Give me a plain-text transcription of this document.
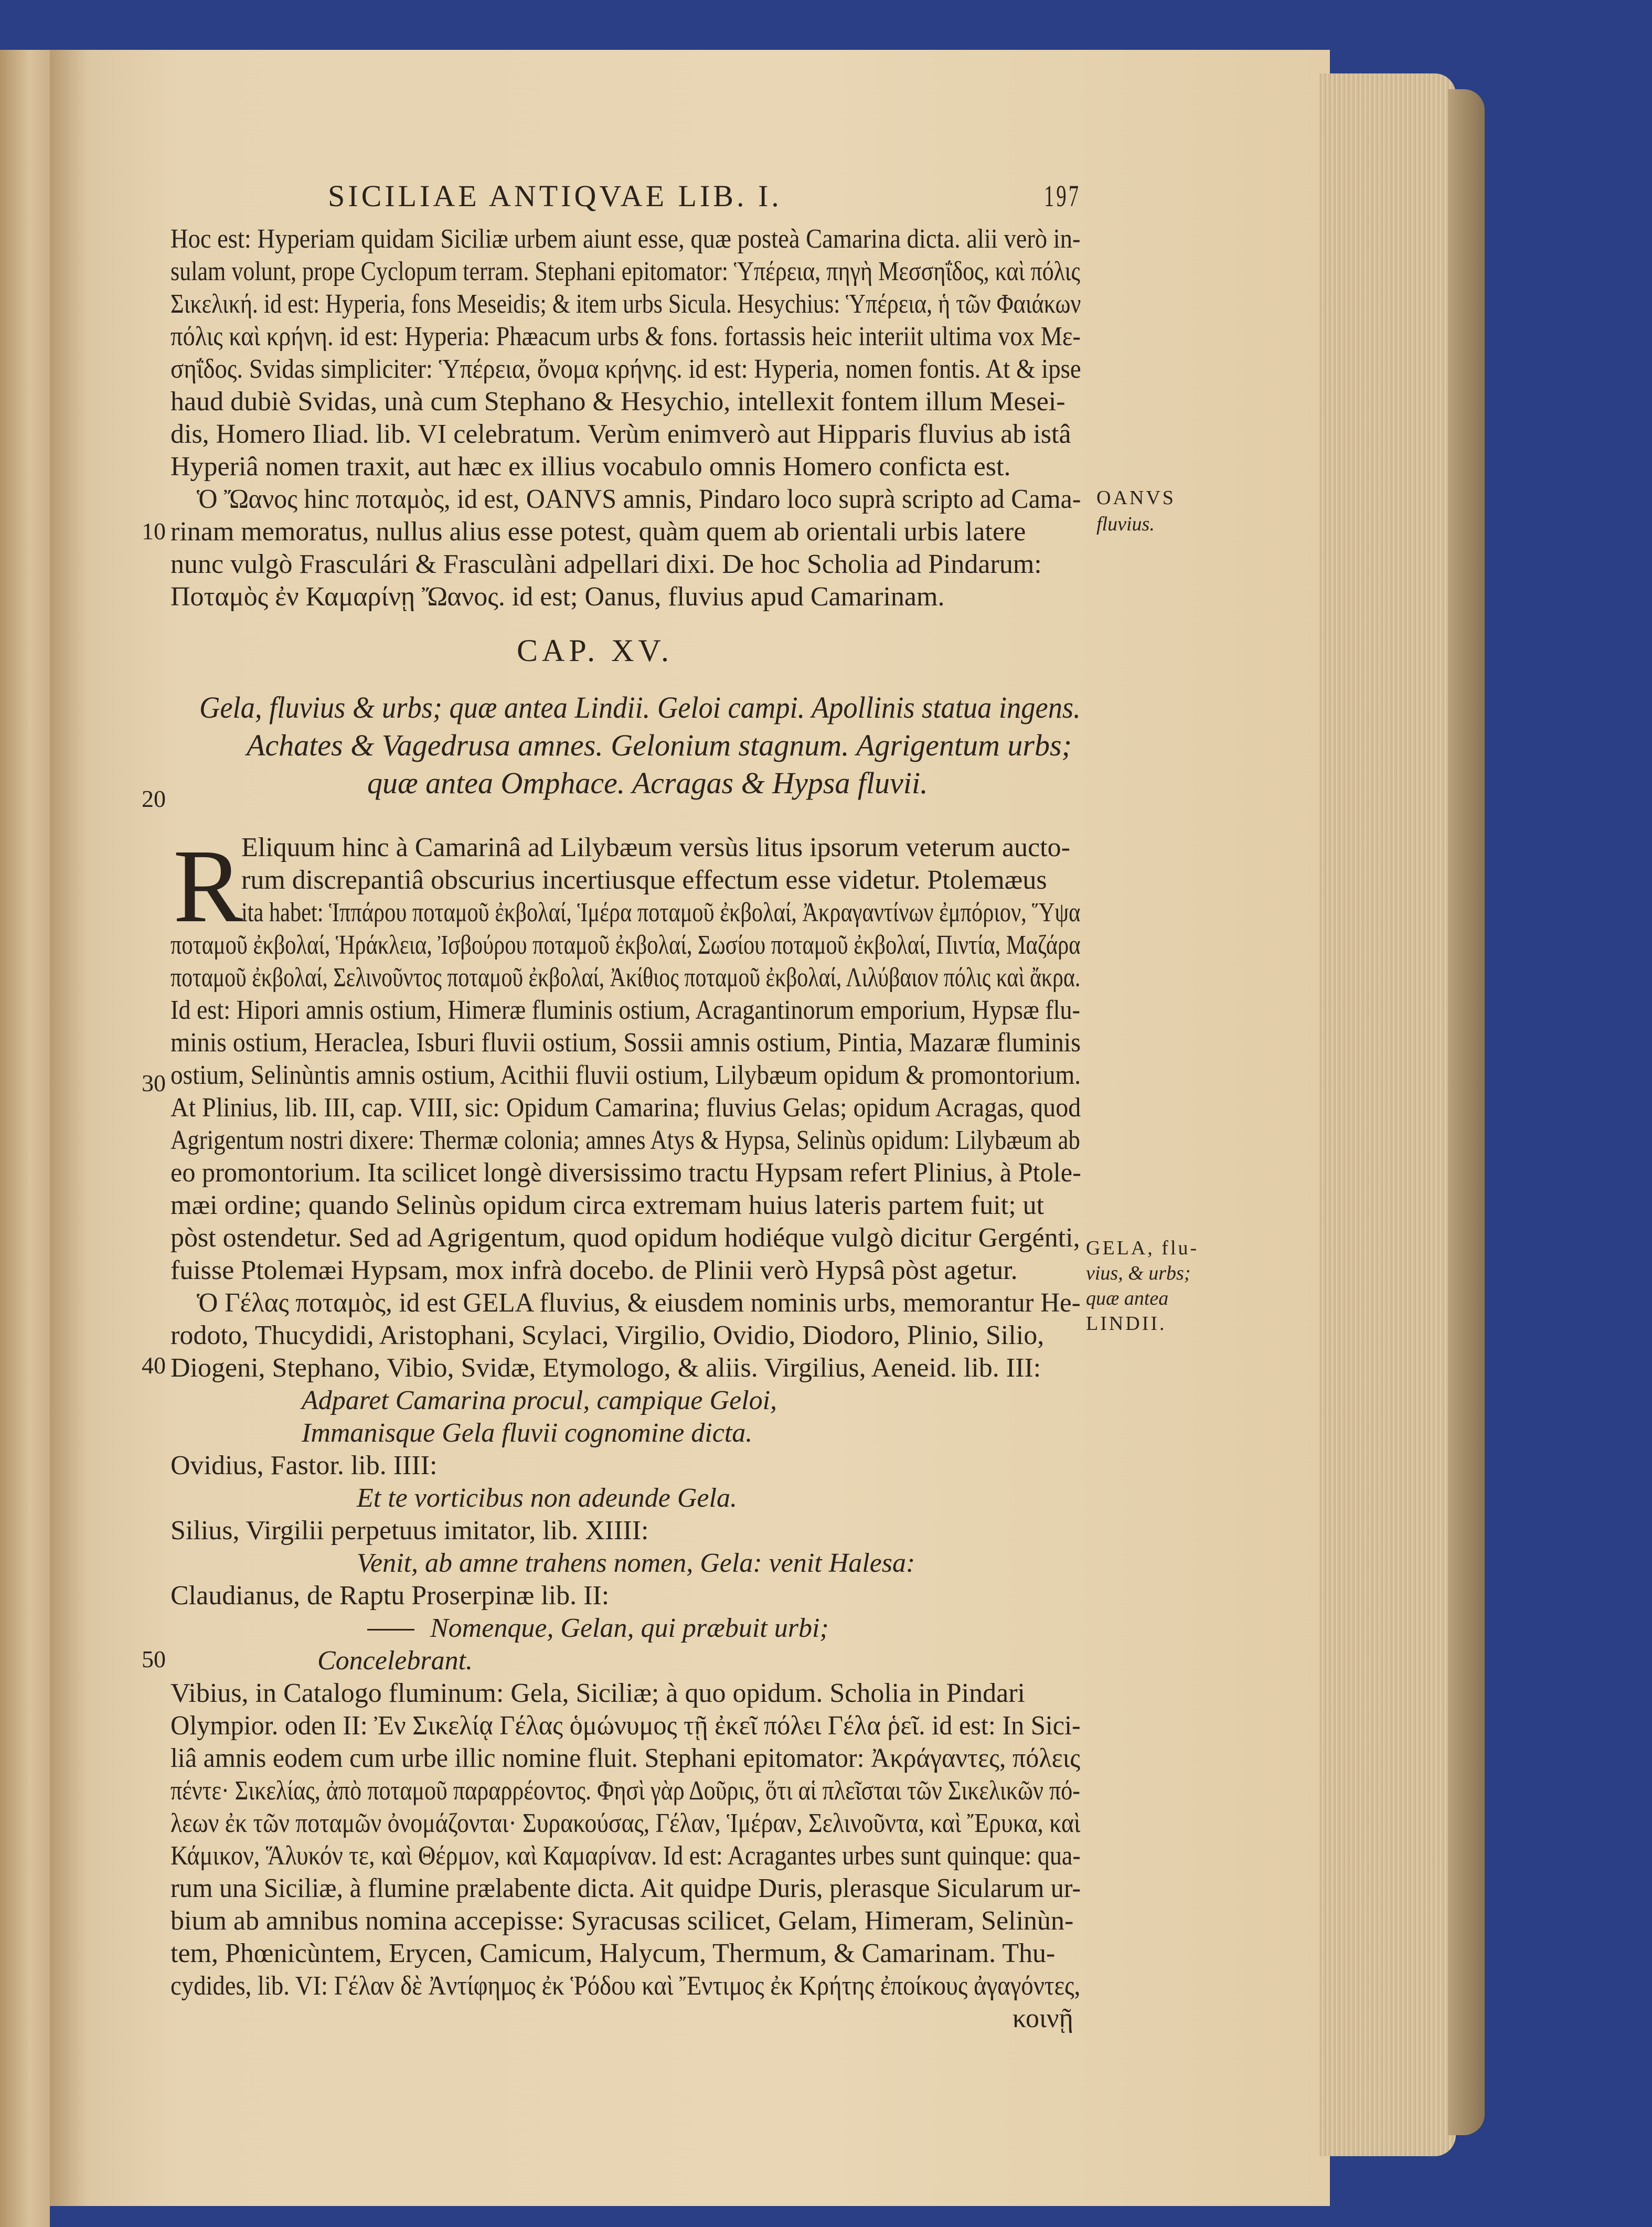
SICILIAE ANTIQVAE LIB. I.	197
Hoc est: Hyperiam quidam Siciliæ urbem aiunt esse, quæ posteà Camarina dicta. alii verò in-
sulam volunt, prope Cyclopum terram. Stephani epitomator: Ὑπέρεια, πηγὴ Μεσσηΐδος, καὶ πόλις
Σικελική. id est: Hyperia, fons Meseidis; & item urbs Sicula. Hesychius: Ὑπέρεια, ἡ τῶν Φαιάκων
πόλις καὶ κρήνη. id est: Hyperia: Phæacum urbs & fons. fortassis heic interiit ultima vox Με-
σηΐδος. Svidas simpliciter: Ὑπέρεια, ὄνομα κρήνης. id est: Hyperia, nomen fontis. At & ipse
haud dubiè Svidas, unà cum Stephano & Hesychio, intellexit fontem illum Mesei-
dis, Homero Iliad. lib. VI celebratum. Verùm enimverò aut Hipparis fluvius ab istâ
Hyperiâ nomen traxit, aut hæc ex illius vocabulo omnis Homero conficta est.
Ὁ Ὤανος hinc ποταμὸς, id est, OANVS amnis, Pindaro loco suprà scripto ad Cama-
rinam memoratus, nullus alius esse potest, quàm quem ab orientali urbis latere
nunc vulgò Frasculári & Frasculàni adpellari dixi. De hoc Scholia ad Pindarum:
Ποταμὸς ἐν Καμαρίνῃ Ὤανος. id est; Oanus, fluvius apud Camarinam.
OANVS
fluvius.
10
CAP. XV.
Gela, fluvius & urbs; quæ antea Lindii. Geloi campi. Apollinis statua ingens.
Achates & Vagedrusa amnes. Gelonium stagnum. Agrigentum urbs;
quæ antea Omphace. Acragas & Hypsa fluvii.
20
R
Eliquum hinc à Camarinâ ad Lilybæum versùs litus ipsorum veterum aucto-
rum discrepantiâ obscurius incertiusque effectum esse videtur. Ptolemæus
ita habet: Ἱππάρου ποταμοῦ ἐκβολαί, Ἱμέρα ποταμοῦ ἐκβολαί, Ἀκραγαντίνων ἐμπόριον, Ὕψα
ποταμοῦ ἐκβολαί, Ἡράκλεια, Ἰσβούρου ποταμοῦ ἐκβολαί, Σωσίου ποταμοῦ ἐκβολαί, Πιντία, Μαζάρα
ποταμοῦ ἐκβολαί, Σελινοῦντος ποταμοῦ ἐκβολαί, Ἀκίθιος ποταμοῦ ἐκβολαί, Λιλύβαιον πόλις καὶ ἄκρα.
Id est: Hipori amnis ostium, Himeræ fluminis ostium, Acragantinorum emporium, Hypsæ flu-
minis ostium, Heraclea, Isburi fluvii ostium, Sossii amnis ostium, Pintia, Mazaræ fluminis
ostium, Selinùntis amnis ostium, Acithii fluvii ostium, Lilybæum opidum & promontorium.
At Plinius, lib. III, cap. VIII, sic: Opidum Camarina; fluvius Gelas; opidum Acragas, quod
Agrigentum nostri dixere: Thermæ colonia; amnes Atys & Hypsa, Selinùs opidum: Lilybæum ab
eo promontorium. Ita scilicet longè diversissimo tractu Hypsam refert Plinius, à Ptole-
mæi ordine; quando Selinùs opidum circa extremam huius lateris partem fuit; ut
pòst ostendetur. Sed ad Agrigentum, quod opidum hodiéque vulgò dicitur Gergénti,
fuisse Ptolemæi Hypsam, mox infrà docebo. de Plinii verò Hypsâ pòst agetur.
Ὁ Γέλας ποταμὸς, id est GELA fluvius, & eiusdem nominis urbs, memorantur He-
rodoto, Thucydidi, Aristophani, Scylaci, Virgilio, Ovidio, Diodoro, Plinio, Silio,
Diogeni, Stephano, Vibio, Svidæ, Etymologo, & aliis. Virgilius, Aeneid. lib. III:
Adparet Camarina procul, campique Geloi,
Immanisque Gela fluvii cognomine dicta.
Ovidius, Fastor. lib. IIII:
Et te vorticibus non adeunde Gela.
Silius, Virgilii perpetuus imitator, lib. XIIII:
Venit, ab amne trahens nomen, Gela: venit Halesa:
Claudianus, de Raptu Proserpinæ lib. II:
Nomenque, Gelan, qui præbuit urbi;
Concelebrant.
Vibius, in Catalogo fluminum: Gela, Siciliæ; à quo opidum. Scholia in Pindari
Olympior. oden II: Ἐν Σικελίᾳ Γέλας ὁμώνυμος τῇ ἐκεῖ πόλει Γέλα ῥεῖ. id est: In Sici-
liâ amnis eodem cum urbe illic nomine fluit. Stephani epitomator: Ἀκράγαντες, πόλεις
πέντε· Σικελίας, ἀπὸ ποταμοῦ παραρρέοντος. Φησὶ γὰρ Δοῦρις, ὅτι αἱ πλεῖσται τῶν Σικελικῶν πό-
λεων ἐκ τῶν ποταμῶν ὀνομάζονται· Συρακούσας, Γέλαν, Ἱμέραν, Σελινοῦντα, καὶ Ἔρυκα, καὶ
Κάμικον, Ἅλυκόν τε, καὶ Θέρμον, καὶ Καμαρίναν. Id est: Acragantes urbes sunt quinque: qua-
rum una Siciliæ, à flumine prælabente dicta. Ait quidpe Duris, plerasque Sicularum ur-
bium ab amnibus nomina accepisse: Syracusas scilicet, Gelam, Himeram, Selinùn-
tem, Phœnicùntem, Erycen, Camicum, Halycum, Thermum, & Camarinam. Thu-
cydides, lib. VI: Γέλαν δὲ Ἀντίφημος ἐκ Ῥόδου καὶ Ἔντιμος ἐκ Κρήτης ἐποίκους ἀγαγόντες,
κοινῇ
30
40
50
GELA, flu-
vius, & urbs;
quæ antea
LINDII.
